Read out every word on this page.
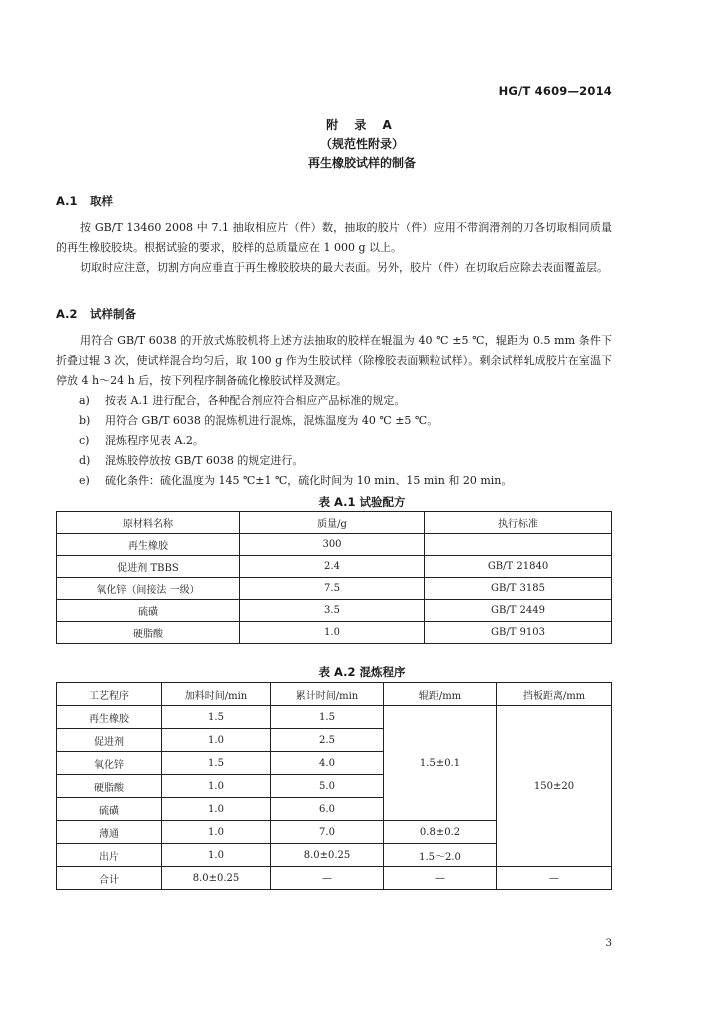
HG/T 4609—2014
附 录 A
（规范性附录）
再生橡胶试样的制备
A.1 取样
按 GB/T 13460 2008 中 7.1 抽取相应片（件）数，抽取的胶片（件）应用不带润滑剂的刀各切取相同质量的再生橡胶胶块。根据试验的要求，胶样的总质量应在 1 000 g 以上。
切取时应注意，切割方向应垂直于再生橡胶胶块的最大表面。另外，胶片（件）在切取后应除去表面覆盖层。
A.2 试样制备
用符合 GB/T 6038 的开放式炼胶机将上述方法抽取的胶样在辊温为 40 ℃ ±5 ℃，辊距为 0.5 mm 条件下折叠过辊 3 次，使试样混合均匀后，取 100 g 作为生胶试样（除橡胶表面颗粒试样）。剩余试样轧成胶片在室温下停放 4 h～24 h 后，按下列程序制备硫化橡胶试样及测定。
a) 按表 A.1 进行配合，各种配合剂应符合相应产品标准的规定。
b) 用符合 GB/T 6038 的混炼机进行混炼，混炼温度为 40 ℃ ±5 ℃。
c) 混炼程序见表 A.2。
d) 混炼胶停放按 GB/T 6038 的规定进行。
e) 硫化条件：硫化温度为 145 ℃±1 ℃，硫化时间为 10 min、15 min 和 20 min。
表 A.1 试验配方
原材料名称	质量/g	执行标准
再生橡胶	300	
促进剂 TBBS	2.4	GB/T 21840
氧化锌（间接法 一级）	7.5	GB/T 3185
硫磺	3.5	GB/T 2449
硬脂酸	1.0	GB/T 9103
表 A.2 混炼程序
工艺程序	加料时间/min	累计时间/min	辊距/mm	挡板距离/mm
再生橡胶	1.5	1.5	1.5±0.1	150±20
促进剂	1.0	2.5		
氧化锌	1.5	4.0		
硬脂酸	1.0	5.0		
硫磺	1.0	6.0		
薄通	1.0	7.0	0.8±0.2	
出片	1.0	8.0±0.25	1.5～2.0	
合计	8.0±0.25	—	—	—
3
